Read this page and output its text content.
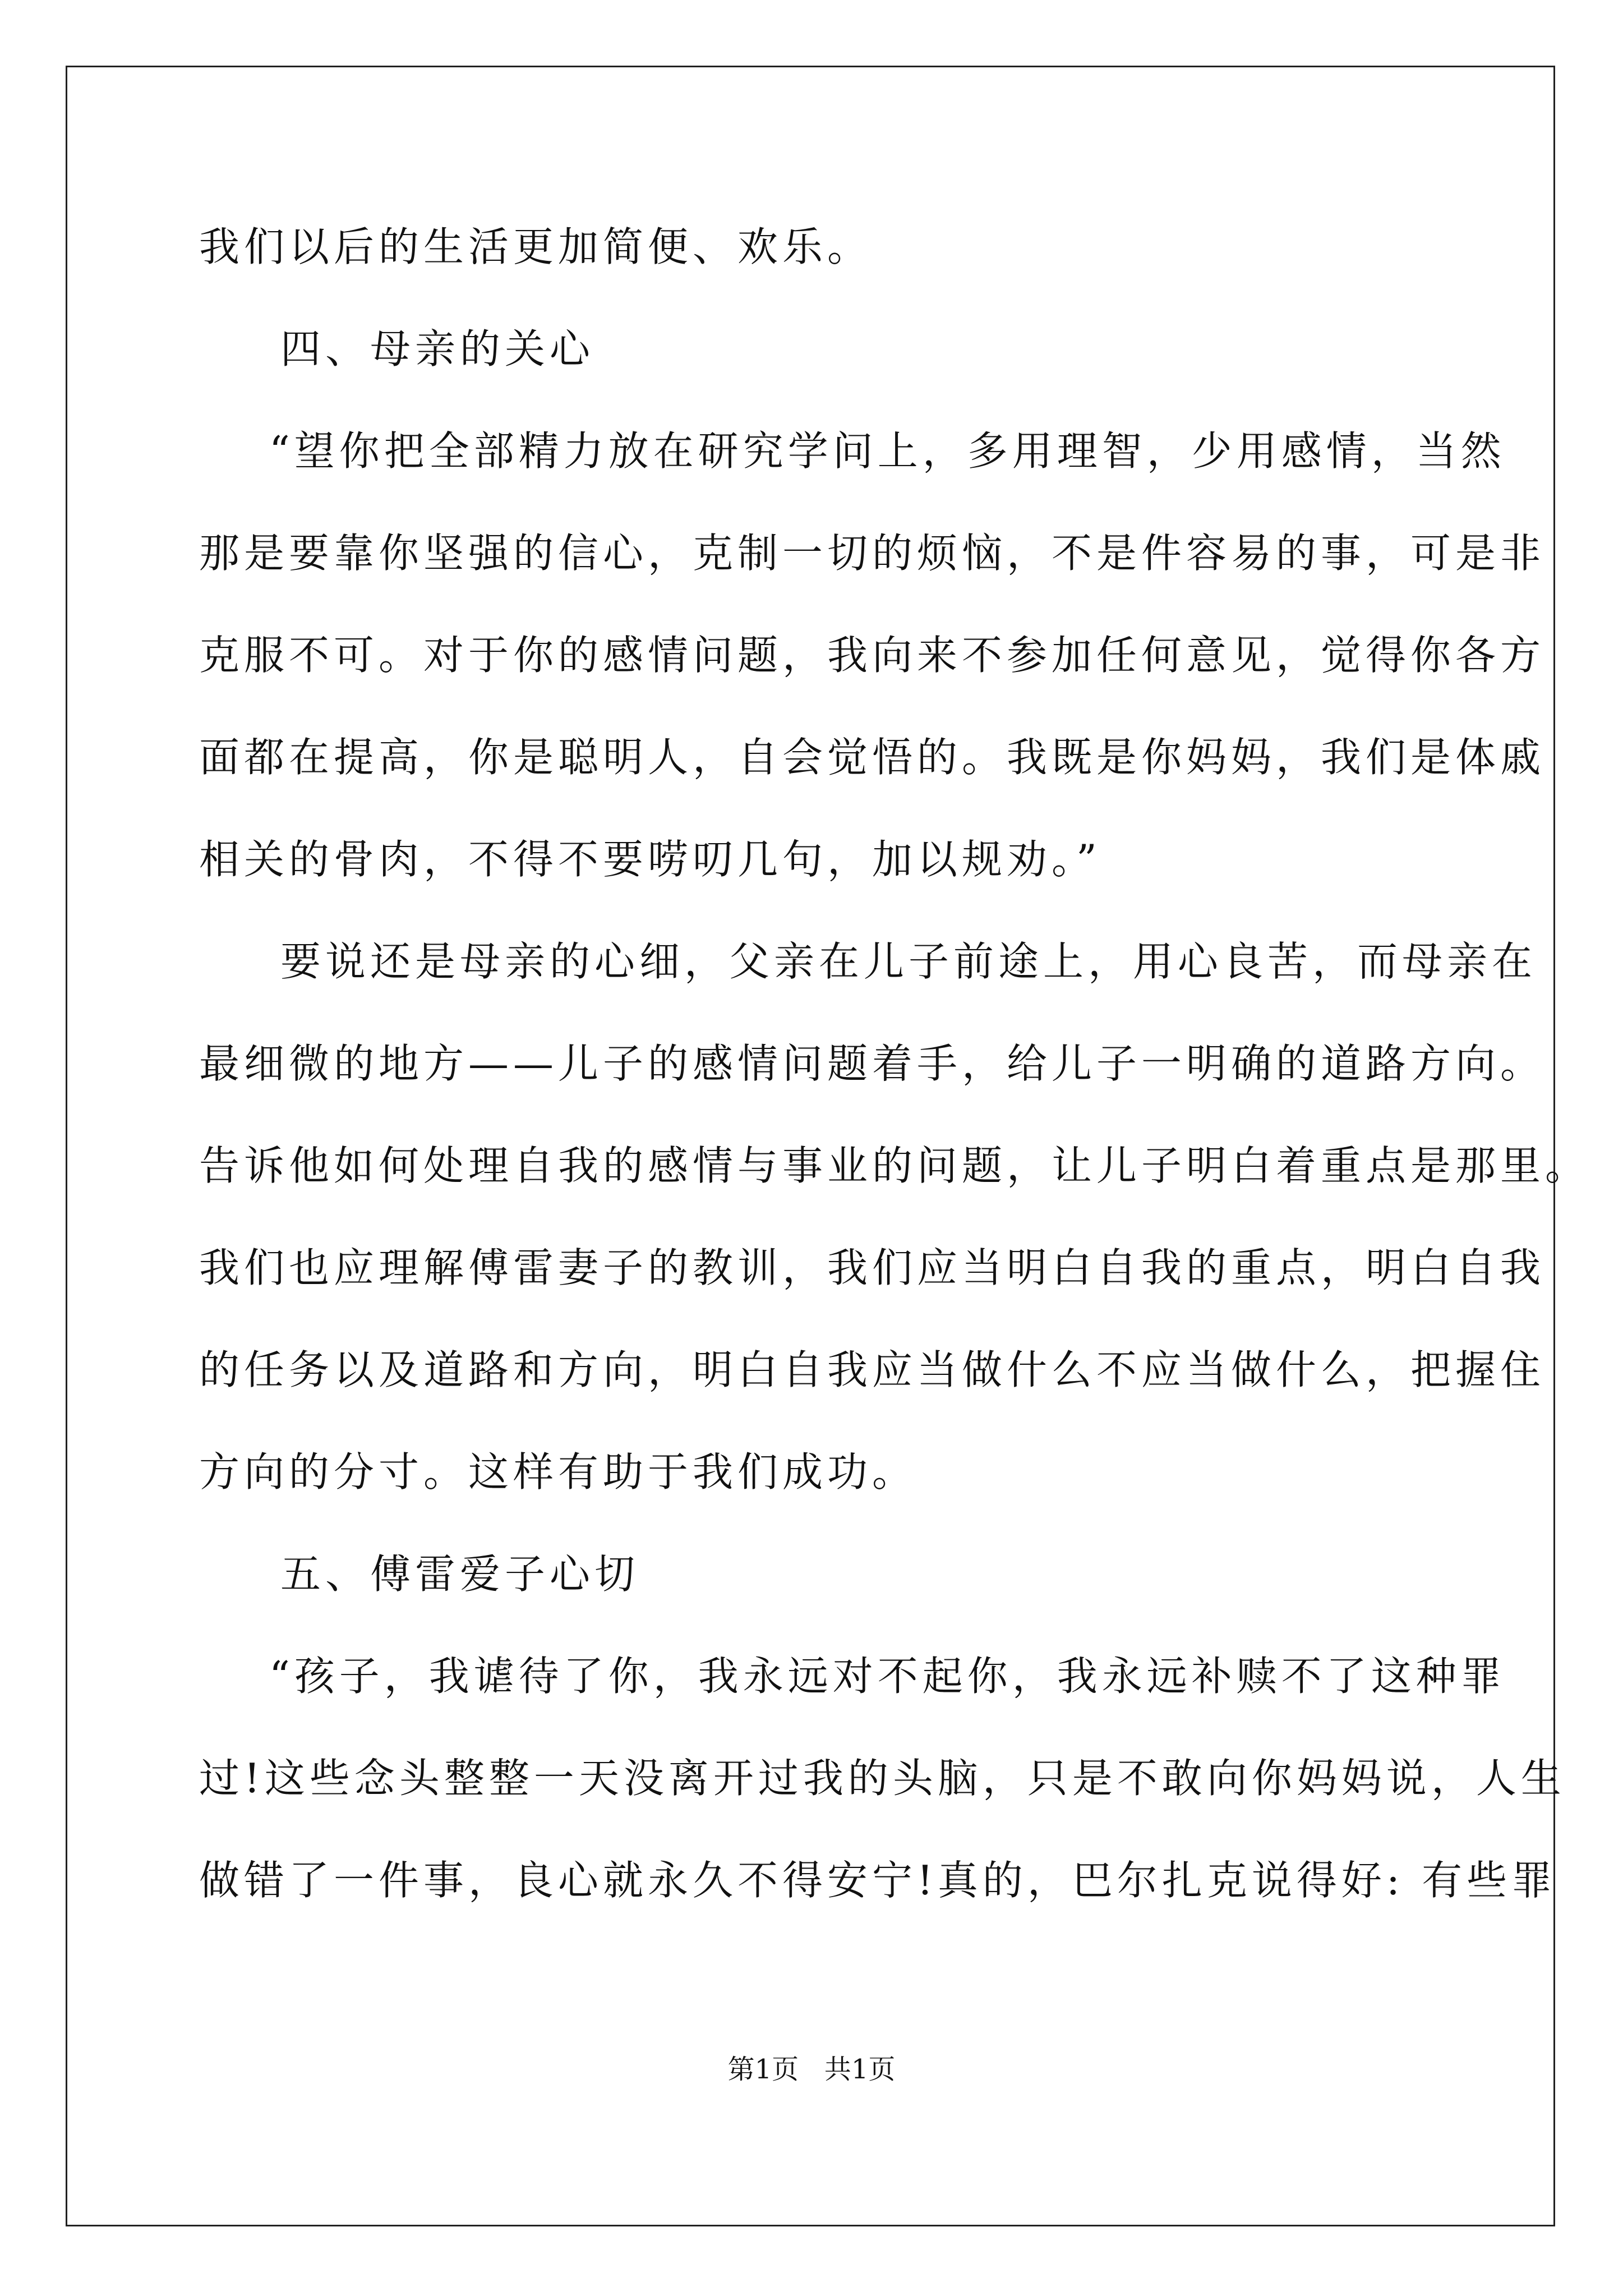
我们以后的生活更加简便、欢乐。
四、母亲的关心
“望你把全部精力放在研究学问上，多用理智，少用感情，当然
那是要靠你坚强的信心，克制一切的烦恼，不是件容易的事，可是非
克服不可。对于你的感情问题，我向来不参加任何意见，觉得你各方
面都在提高，你是聪明人，自会觉悟的。我既是你妈妈，我们是体戚
相关的骨肉，不得不要唠叨几句，加以规劝。”
要说还是母亲的心细，父亲在儿子前途上，用心良苦，而母亲在
最细微的地方——儿子的感情问题着手，给儿子一明确的道路方向。
告诉他如何处理自我的感情与事业的问题，让儿子明白着重点是那里。
我们也应理解傅雷妻子的教训，我们应当明白自我的重点，明白自我
的任务以及道路和方向，明白自我应当做什么不应当做什么，把握住
方向的分寸。这样有助于我们成功。
五、傅雷爱子心切
“孩子，我谑待了你，我永远对不起你，我永远补赎不了这种罪
过!这些念头整整一天没离开过我的头脑，只是不敢向你妈妈说，人生
做错了一件事，良心就永久不得安宁!真的，巴尔扎克说得好: 有些罪
第1页   共1页
